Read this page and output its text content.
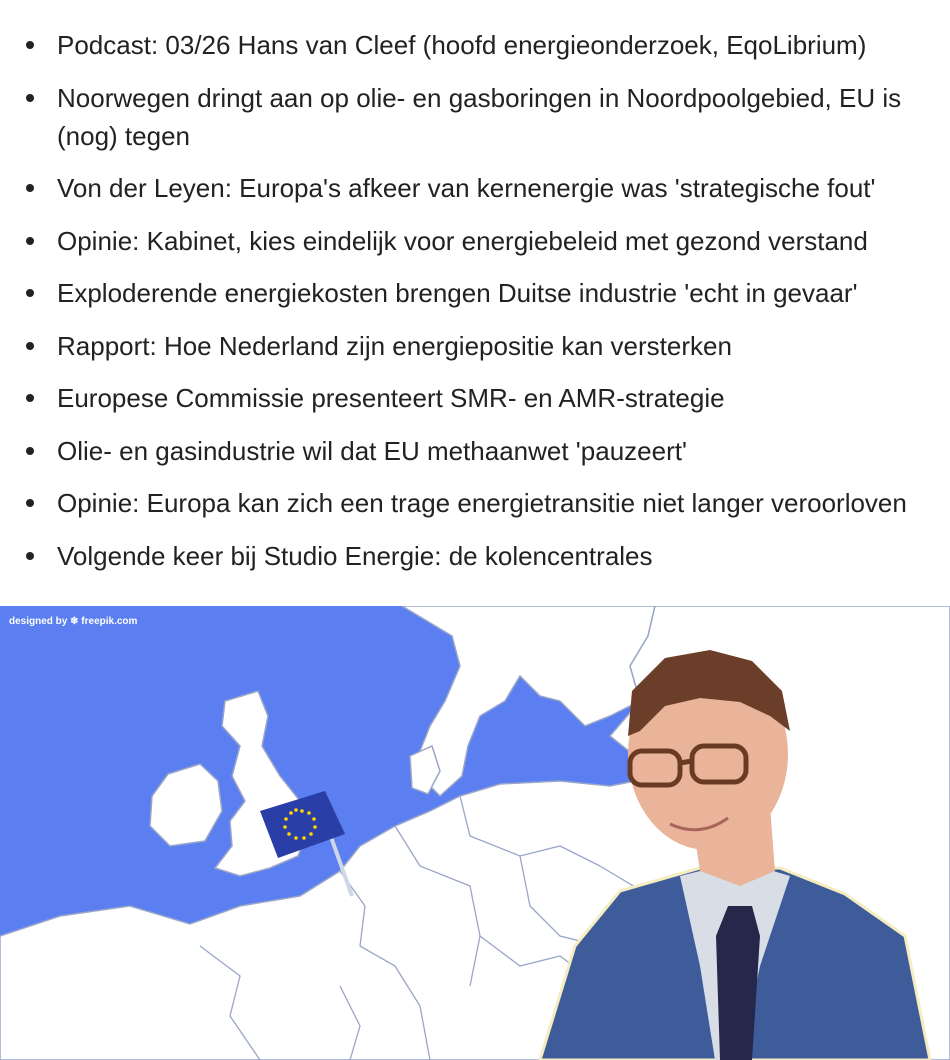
Podcast: 03/26 Hans van Cleef (hoofd energieonderzoek, EqoLibrium)
Noorwegen dringt aan op olie- en gasboringen in Noordpoolgebied, EU is (nog) tegen
Von der Leyen: Europa's afkeer van kernenergie was 'strategische fout'
Opinie: Kabinet, kies eindelijk voor energiebeleid met gezond verstand
Exploderende energiekosten brengen Duitse industrie 'echt in gevaar'
Rapport: Hoe Nederland zijn energiepositie kan versterken
Europese Commissie presenteert SMR- en AMR-strategie
Olie- en gasindustrie wil dat EU methaanwet 'pauzeert'
Opinie: Europa kan zich een trage energietransitie niet langer veroorloven
Volgende keer bij Studio Energie: de kolencentrales
designed by ❄ freepik.com
